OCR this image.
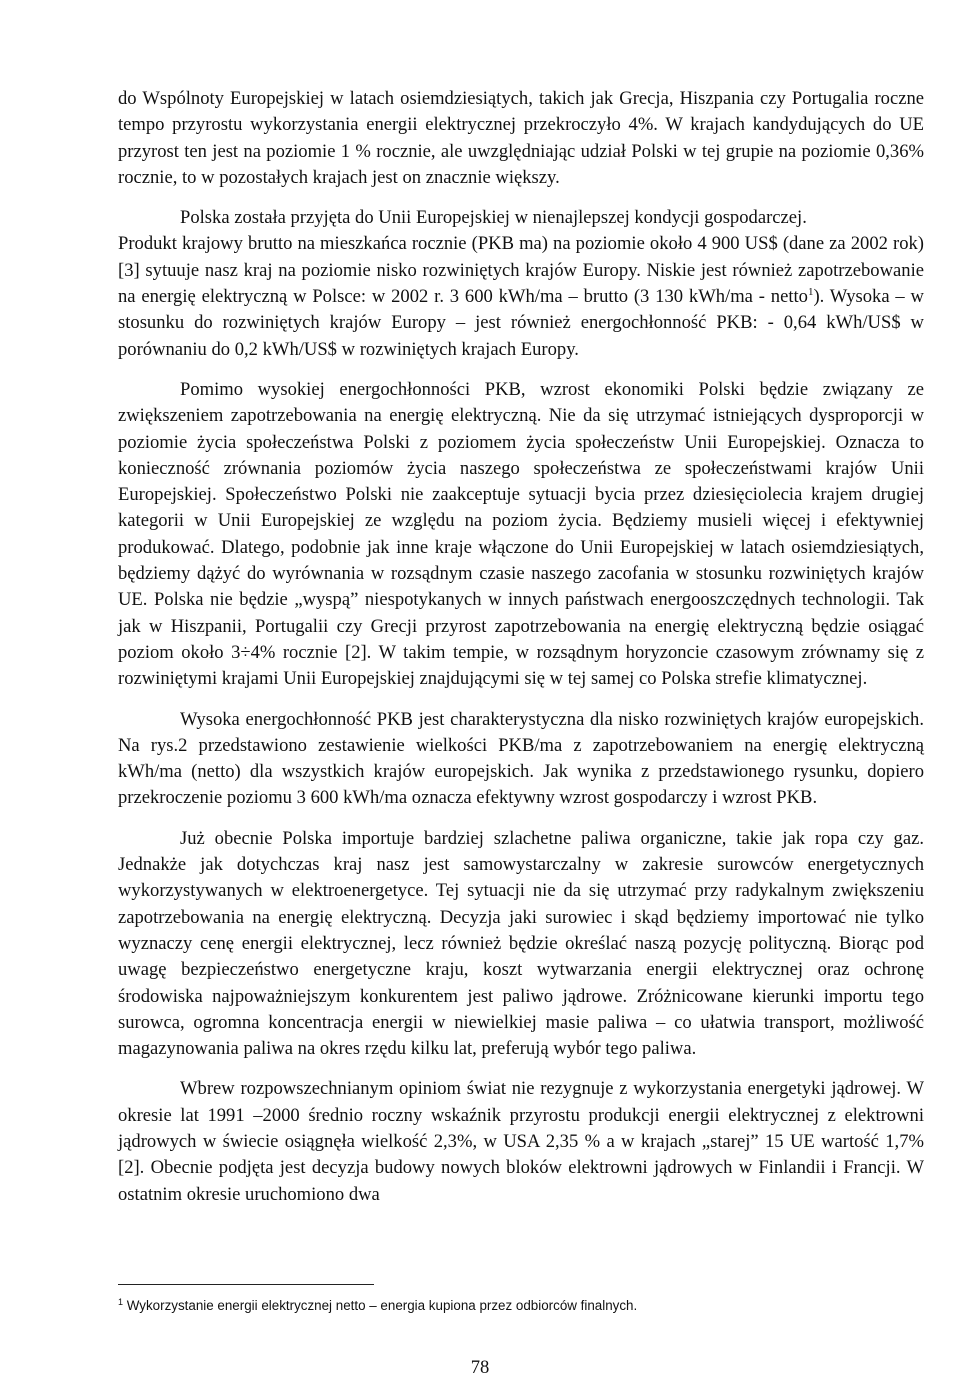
do Wspólnoty Europejskiej w latach osiemdziesiątych, takich jak Grecja, Hiszpania czy Portugalia roczne tempo przyrostu wykorzystania energii elektrycznej przekroczyło 4%. W krajach kandydujących do UE przyrost ten jest na poziomie 1 % rocznie, ale uwzględniając udział Polski w tej grupie na poziomie 0,36% rocznie, to w pozostałych krajach jest on znacznie większy.

Polska została przyjęta do Unii Europejskiej w nienajlepszej kondycji gospodarczej.

Produkt krajowy brutto na mieszkańca rocznie (PKB ma) na poziomie około 4 900 US$ (dane za 2002 rok) [3] sytuuje nasz kraj na poziomie nisko rozwiniętych krajów Europy. Niskie jest również zapotrzebowanie na energię elektryczną w Polsce: w 2002 r. 3 600 kWh/ma – brutto (3 130 kWh/ma - netto$^1$). Wysoka – w stosunku do rozwiniętych krajów Europy – jest również energochłonność PKB: - 0,64 kWh/US$ w porównaniu do 0,2 kWh/US$ w rozwiniętych krajach Europy.

Pomimo wysokiej energochłonności PKB, wzrost ekonomiki Polski będzie związany ze zwiększeniem zapotrzebowania na energię elektryczną. Nie da się utrzymać istniejących dysproporcji w poziomie życia społeczeństwa Polski z poziomem życia społeczeństw Unii Europejskiej. Oznacza to konieczność zrównania poziomów życia naszego społeczeństwa ze społeczeństwami krajów Unii Europejskiej. Społeczeństwo Polski nie zaakceptuje sytuacji bycia przez dziesięciolecia krajem drugiej kategorii w Unii Europejskiej ze względu na poziom życia. Będziemy musieli więcej i efektywniej produkować. Dlatego, podobnie jak inne kraje włączone do Unii Europejskiej w latach osiemdziesiątych, będziemy dążyć do wyrównania w rozsądnym czasie naszego zacofania w stosunku rozwiniętych krajów UE. Polska nie będzie „wyspą” niespotykanych w innych państwach energooszczędnych technologii. Tak jak w Hiszpanii, Portugalii czy Grecji przyrost zapotrzebowania na energię elektryczną będzie osiągać poziom około 3÷4% rocznie [2]. W takim tempie, w rozsądnym horyzoncie czasowym zrównamy się z rozwiniętymi krajami Unii Europejskiej znajdującymi się w tej samej co Polska strefie klimatycznej.

Wysoka energochłonność PKB jest charakterystyczna dla nisko rozwiniętych krajów europejskich. Na rys.2 przedstawiono zestawienie wielkości PKB/ma z zapotrzebowaniem na energię elektryczną kWh/ma (netto) dla wszystkich krajów europejskich. Jak wynika z przedstawionego rysunku, dopiero przekroczenie poziomu 3 600 kWh/ma oznacza efektywny wzrost gospodarczy i wzrost PKB.

Już obecnie Polska importuje bardziej szlachetne paliwa organiczne, takie jak ropa czy gaz. Jednakże jak dotychczas kraj nasz jest samowystarczalny w zakresie surowców energetycznych wykorzystywanych w elektroenergetyce. Tej sytuacji nie da się utrzymać przy radykalnym zwiększeniu zapotrzebowania na energię elektryczną. Decyzja jaki surowiec i skąd będziemy importować nie tylko wyznaczy cenę energii elektrycznej, lecz również będzie określać naszą pozycję polityczną. Biorąc pod uwagę bezpieczeństwo energetyczne kraju, koszt wytwarzania energii elektrycznej oraz ochronę środowiska najpoważniejszym konkurentem jest paliwo jądrowe. Zróżnicowane kierunki importu tego surowca, ogromna koncentracja energii w niewielkiej masie paliwa – co ułatwia transport, możliwość magazynowania paliwa na okres rzędu kilku lat, preferują wybór tego paliwa.

Wbrew rozpowszechnianym opiniom świat nie rezygnuje z wykorzystania energetyki jądrowej. W okresie lat 1991 –2000 średnio roczny wskaźnik przyrostu produkcji energii elektrycznej z elektrowni jądrowych w świecie osiągnęła wielkość 2,3%, w USA 2,35 % a w krajach „starej” 15 UE wartość 1,7% [2]. Obecnie podjęta jest decyzja budowy nowych bloków elektrowni jądrowych w Finlandii i Francji. W ostatnim okresie uruchomiono dwa

$^1$ Wykorzystanie energii elektrycznej netto – energia kupiona przez odbiorców finalnych.
78
